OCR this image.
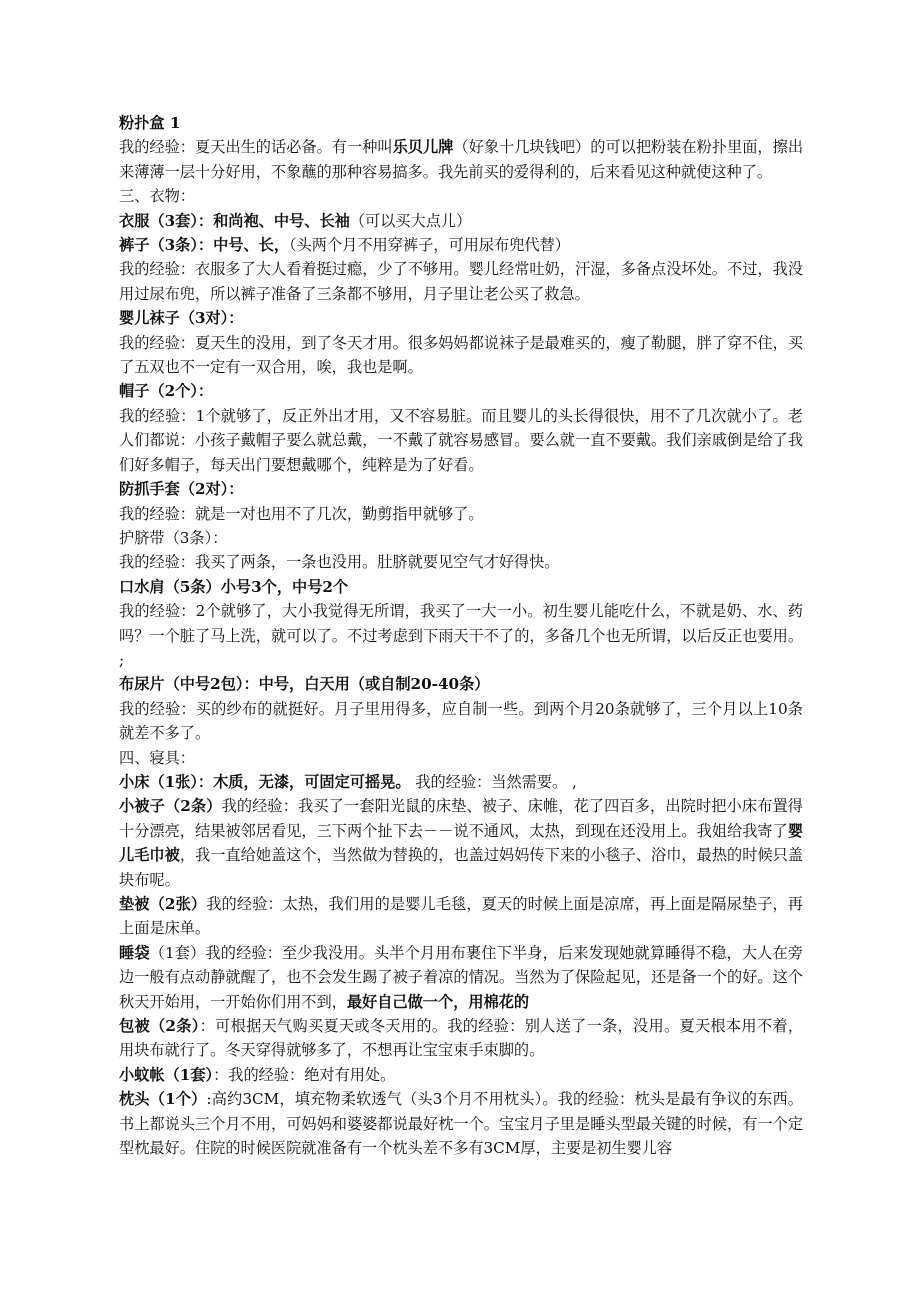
粉扑盒 1

我的经验：夏天出生的话必备。有一种叫乐贝儿牌（好象十几块钱吧）的可以把粉装在粉扑里面，擦出来薄薄一层十分好用，不象蘸的那种容易搞多。我先前买的爱得利的，后来看见这种就使这种了。

三、衣物：

衣服（3套）：和尚袍、中号、长袖（可以买大点儿）

裤子（3条）：中号、长，（头两个月不用穿裤子，可用尿布兜代替）

我的经验：衣服多了大人看着挺过瘾，少了不够用。婴儿经常吐奶，汗湿，多备点没坏处。不过，我没用过尿布兜，所以裤子准备了三条都不够用，月子里让老公买了救急。

婴儿袜子（3对）：

我的经验：夏天生的没用，到了冬天才用。很多妈妈都说袜子是最难买的，瘦了勒腿，胖了穿不住，买了五双也不一定有一双合用，唉，我也是啊。

帽子（2个）：

我的经验：1个就够了，反正外出才用，又不容易脏。而且婴儿的头长得很快，用不了几次就小了。老人们都说：小孩子戴帽子要么就总戴，一不戴了就容易感冒。要么就一直不要戴。我们亲戚倒是给了我们好多帽子，每天出门要想戴哪个，纯粹是为了好看。

防抓手套（2对）：

我的经验：就是一对也用不了几次，勤剪指甲就够了。

护脐带（3条）：

我的经验：我买了两条，一条也没用。肚脐就要见空气才好得快。

口水肩（5条）小号3个，中号2个

我的经验：2个就够了，大小我觉得无所谓，我买了一大一小。初生婴儿能吃什么，不就是奶、水、药吗？一个脏了马上洗，就可以了。不过考虑到下雨天干不了的，多备几个也无所谓，以后反正也要用。 ;

布尿片（中号2包）：中号，白天用（或自制20-40条）

我的经验：买的纱布的就挺好。月子里用得多，应自制一些。到两个月20条就够了，三个月以上10条就差不多了。

四、寝具：

小床（1张）：木质，无漆，可固定可摇晃。 我的经验：当然需要。 ,

小被子（2条）我的经验：我买了一套阳光鼠的床垫、被子、床帷，花了四百多，出院时把小床布置得十分漂亮，结果被邻居看见，三下两个扯下去－－说不通风，太热，到现在还没用上。我姐给我寄了婴儿毛巾被，我一直给她盖这个，当然做为替换的，也盖过妈妈传下来的小毯子、浴巾，最热的时候只盖块布呢。

垫被（2张）我的经验：太热，我们用的是婴儿毛毯，夏天的时候上面是凉席，再上面是隔尿垫子，再上面是床单。

睡袋（1套）我的经验：至少我没用。头半个月用布裹住下半身，后来发现她就算睡得不稳，大人在旁边一般有点动静就醒了，也不会发生踢了被子着凉的情况。当然为了保险起见，还是备一个的好。这个秋天开始用，一开始你们用不到，最好自己做一个，用棉花的

包被（2条）：可根据天气购买夏天或冬天用的。我的经验：别人送了一条，没用。夏天根本用不着，用块布就行了。冬天穿得就够多了，不想再让宝宝束手束脚的。

小蚊帐（1套）：我的经验：绝对有用处。

枕头（1个）:高约3CM，填充物柔软透气（头3个月不用枕头）。我的经验：枕头是最有争议的东西。书上都说头三个月不用，可妈妈和婆婆都说最好枕一个。宝宝月子里是睡头型最关键的时候，有一个定型枕最好。住院的时候医院就准备有一个枕头差不多有3CM厚，主要是初生婴儿容
